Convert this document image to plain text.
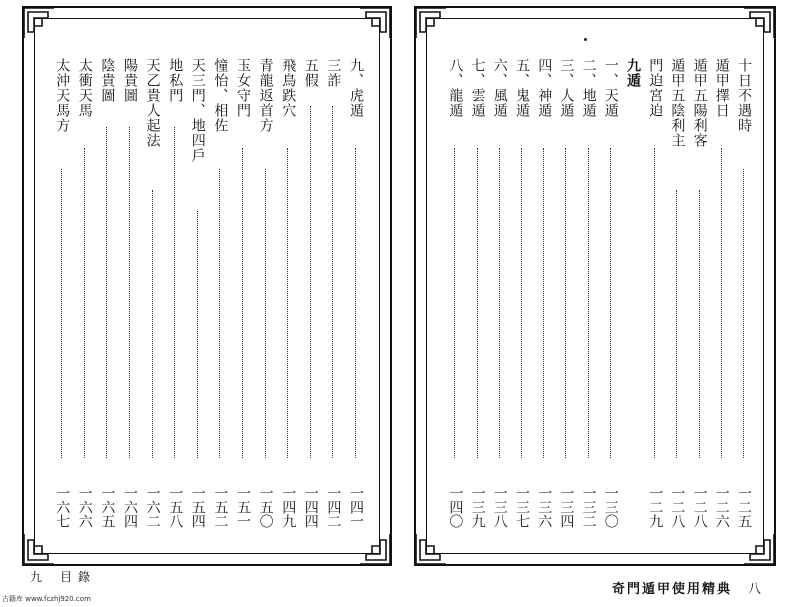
九、虎遁
一四一
三詐
一四二
五假
一四四
飛鳥跌穴
一四九
青龍返首方
一五〇
玉女守門
一五一
憧怡、相佐
一五二
天三門、地四戶
一五四
地私門
一五八
天乙貴人起法
一六二
陽貴圖
一六四
陰貴圖
一六五
太衝天馬
一六六
太沖天馬方
一六七
十日不遇時
一二五
遁甲擇日
一二六
遁甲五陽利客
一二八
遁甲五陰利主
一二八
門迫宮迫
一二九
九遁
一、天遁
一三〇
二、地遁
一三二
三、人遁
一三四
四、神遁
一三六
五、鬼遁
一三七
六、風遁
一三八
七、雲遁
一三九
八、龍遁
一四〇
九 目錄
奇門遁甲使用精典 八
古籍库 www.fczhj920.com
